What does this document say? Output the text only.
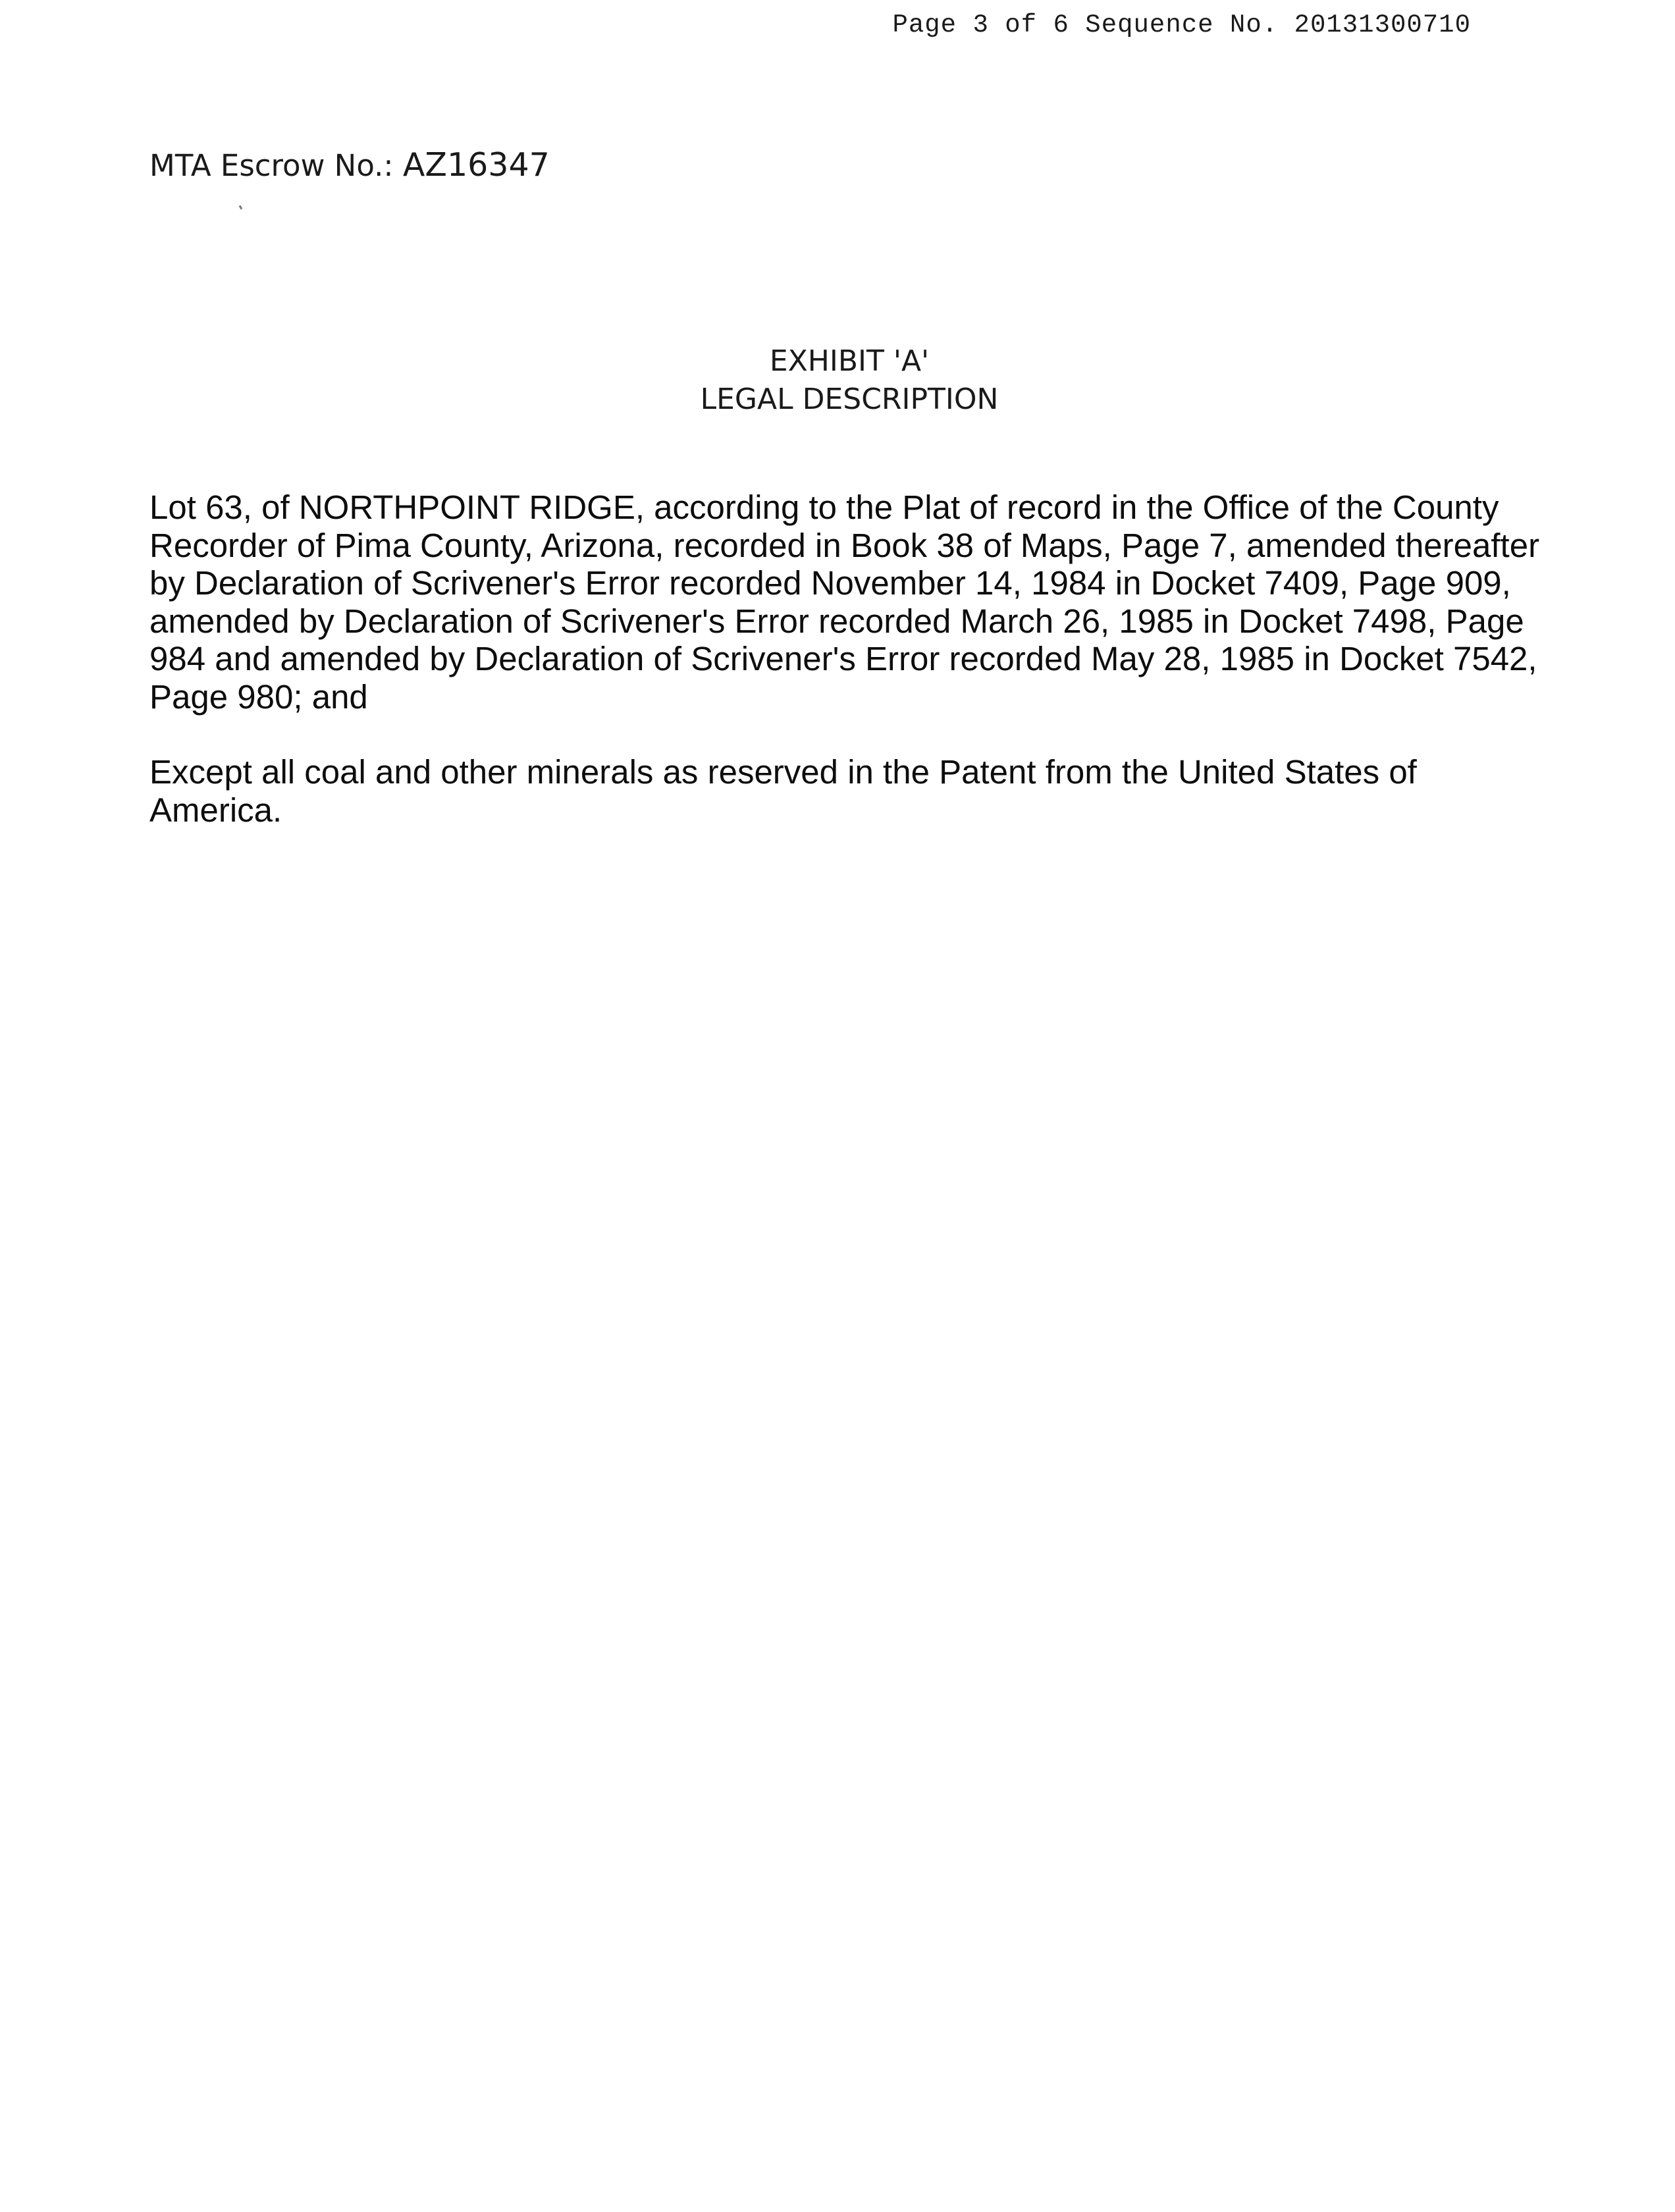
Page 3 of 6 Sequence No. 20131300710
MTA Escrow No.: AZ16347
EXHIBIT 'A'
LEGAL DESCRIPTION
Lot 63, of NORTHPOINT RIDGE, according to the Plat of record in the Office of the County
Recorder of Pima County, Arizona, recorded in Book 38 of Maps, Page 7, amended thereafter
by Declaration of Scrivener's Error recorded November 14, 1984 in Docket 7409, Page 909,
amended by Declaration of Scrivener's Error recorded March 26, 1985 in Docket 7498, Page
984 and amended by Declaration of Scrivener's Error recorded May 28, 1985 in Docket 7542,
Page 980; and
Except all coal and other minerals as reserved in the Patent from the United States of
America.
